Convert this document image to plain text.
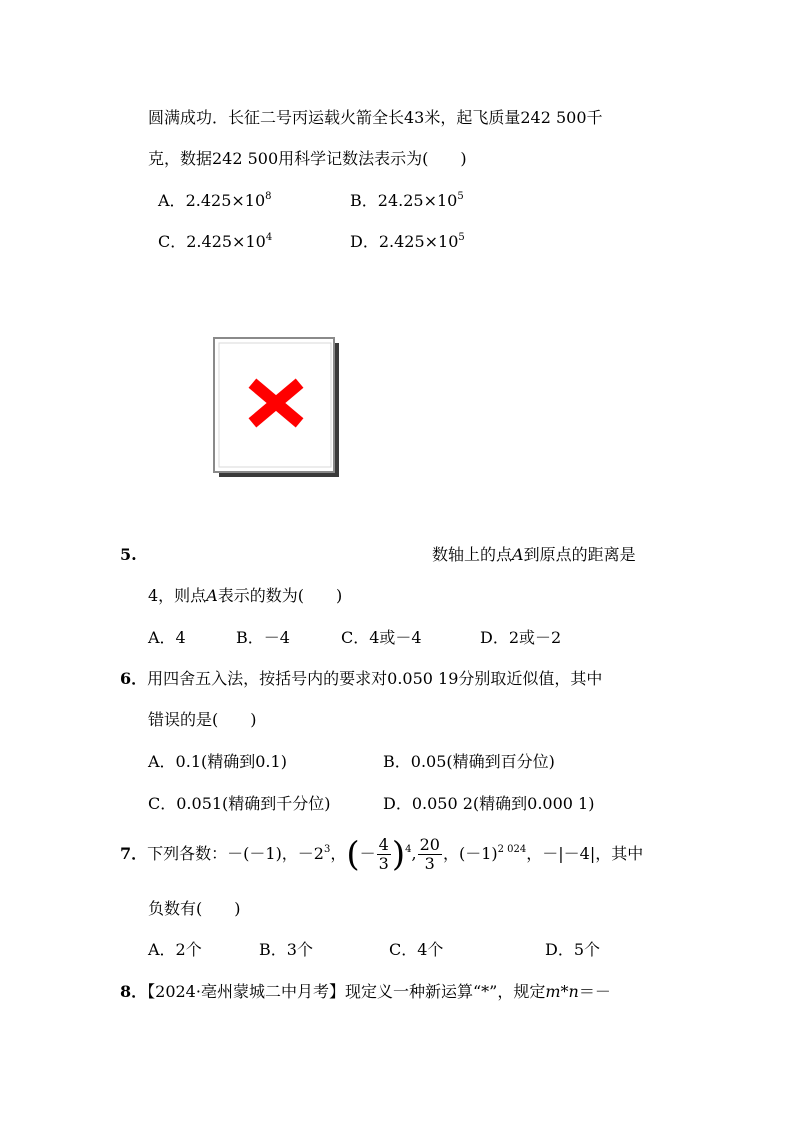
圆满成功．长征二号丙运载火箭全长43米，起飞质量242 500千
克，数据242 500用科学记数法表示为(　　)
A．$2.425\times 10^8$	B．$24.25\times 10^5$
C．$2.425\times 10^4$	D．$2.425\times 10^5$
5.	数轴上的点A到原点的距离是
4，则点A表示的数为(　　)
A．4	B．－4	C．4或－4	D．2或－2
6．用四舍五入法，按括号内的要求对0.050 19分别取近似值，其中
错误的是(　　)
A．0.1(精确到0.1)	B．0.05(精确到百分位)
C．0.051(精确到千分位)	D．0.050 2(精确到0.000 1)
7．下列各数：－(－1)，$-2^3$，(－ $\frac{4}{3} )^4$, $\frac{20}{3}$ ，$(-1)^{2 024}$，－|－4|，其中
负数有(　　)
A．2个	B．3个	C．4个	D．5个
8．【2024·亳州蒙城二中月考】现定义一种新运算“*”，规定m*n＝－
